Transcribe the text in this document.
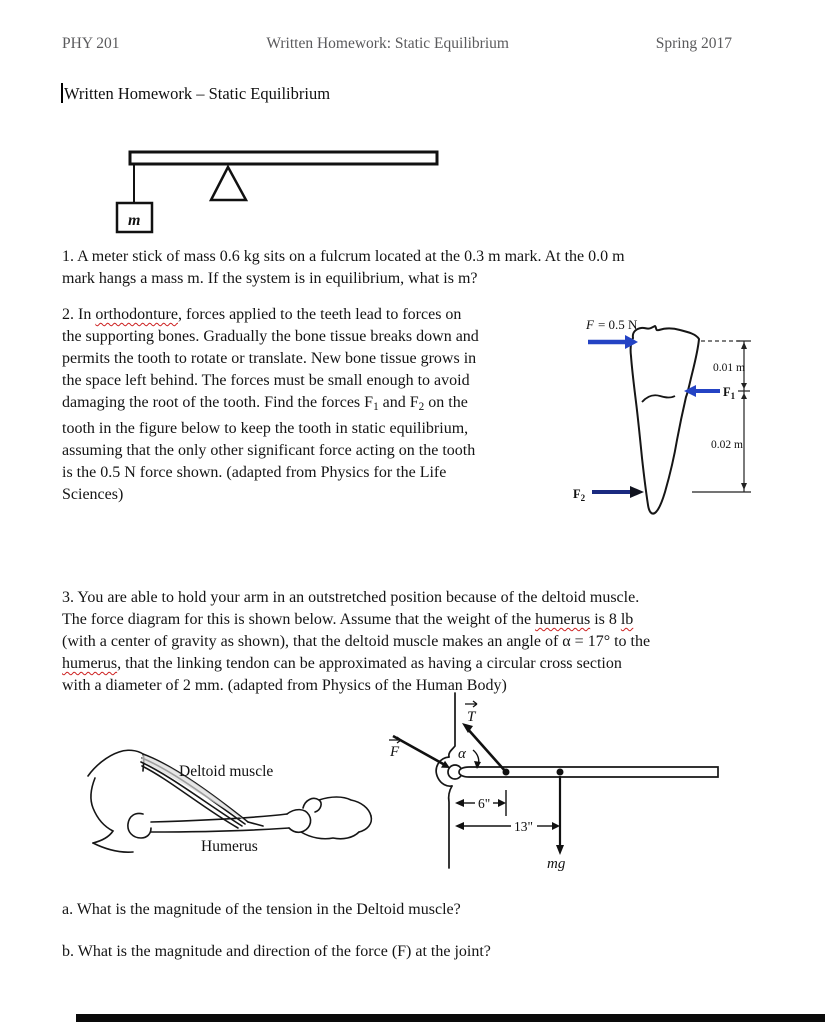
PHY 201	Written Homework: Static Equilibrium	Spring 2017
Written Homework – Static Equilibrium
m
1. A meter stick of mass 0.6 kg sits on a fulcrum located at the 0.3 m mark. At the 0.0 m
mark hangs a mass m. If the system is in equilibrium, what is m?
2. In orthodonture, forces applied to the teeth lead to forces on
the supporting bones. Gradually the bone tissue breaks down and
permits the tooth to rotate or translate. New bone tissue grows in
the space left behind. The forces must be small enough to avoid
damaging the root of the tooth. Find the forces $F_1$ and $F_2$ on the
tooth in the figure below to keep the tooth in static equilibrium,
assuming that the only other significant force acting on the tooth
is the 0.5 N force shown. (adapted from Physics for the Life
Sciences)
F = 0.5 N
0.01 m
0.02 m
$F_1$
$F_2$
3. You are able to hold your arm in an outstretched position because of the deltoid muscle.
The force diagram for this is shown below. Assume that the weight of the humerus is 8 lb
(with a center of gravity as shown), that the deltoid muscle makes an angle of α = 17° to the
humerus, that the linking tendon can be approximated as having a circular cross section
with a diameter of 2 mm. (adapted from Physics of the Human Body)
Deltoid muscle
Humerus
T
F	α
6"
13"
mg
a. What is the magnitude of the tension in the Deltoid muscle?
b. What is the magnitude and direction of the force (F) at the joint?
